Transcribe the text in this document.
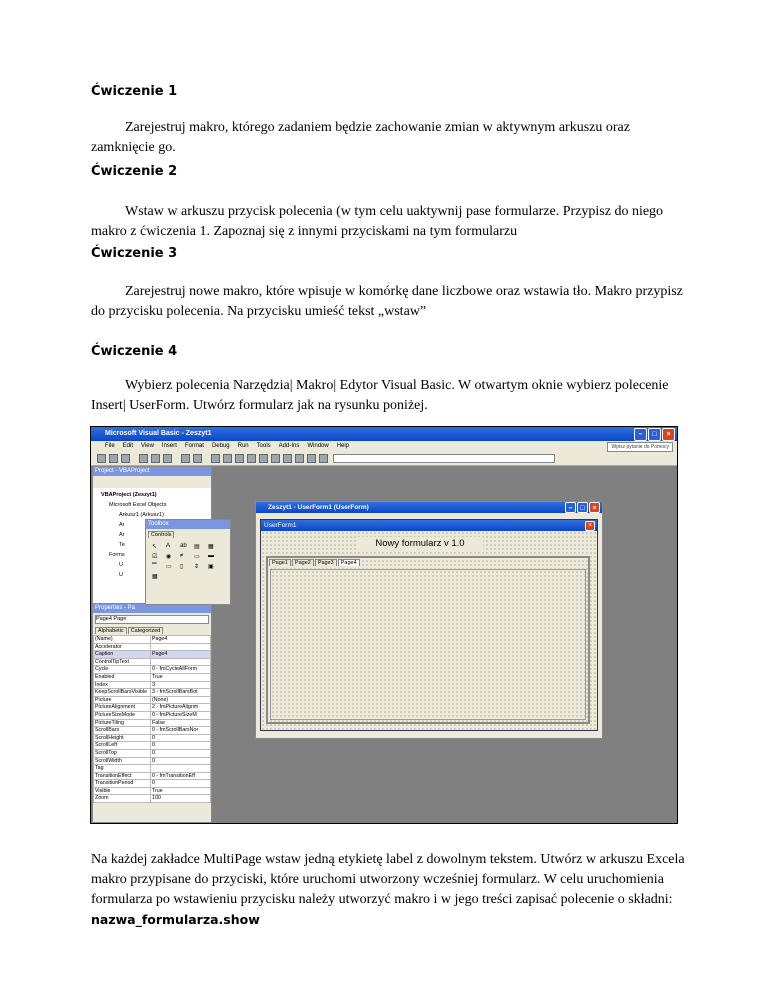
Ćwiczenie 1
Zarejestruj makro, którego zadaniem będzie zachowanie zmian w aktywnym arkuszu oraz zamknięcie go.
Ćwiczenie 2
Wstaw w arkuszu przycisk polecenia (w tym celu uaktywnij pase formularze. Przypisz do niego makro z ćwiczenia 1. Zapoznaj się z innymi przyciskami na tym formularzu
Ćwiczenie 3
Zarejestruj nowe makro, które wpisuje w komórkę dane liczbowe oraz wstawia tło. Makro przypisz do przycisku polecenia. Na przycisku umieść tekst „wstaw”
Ćwiczenie 4
Wybierz polecenia Narzędzia| Makro| Edytor Visual Basic. W otwartym oknie wybierz polecenie Insert| UserForm. Utwórz formularz jak na rysunku poniżej.
Microsoft Visual Basic - Zeszyt1	–	□	×
File Edit View Insert Format Debug Run Tools Add-Ins Window Help	Wpisz pytanie do Pomocy
Project - VBAProject
VBAProject (Zeszyt1)
Microsoft Excel Objects
Arkusz1 (Arkusz1)
Ar
Ar
Te
Forms
U
U
Toolbox
Controls
↖	A	ab	▤	▦
☑	◉	≠	▭	▬
▔	▭	▯	⇕	▣
▦
Properties - Pa
Page4 Page
Alphabetic Categorized
(Name)	Page4
Accelerator	
Caption	Page4
ControlTipText	
Cycle	0 - fmCycleAllForm
Enabled	True
Index	3
KeepScrollBarsVisible	3 - fmScrollBarsBot
Picture	(None)
PictureAlignment	2 - fmPictureAlignm
PictureSizeMode	0 - fmPictureSizeM
PictureTiling	False
ScrollBars	0 - fmScrollBarsNor
ScrollHeight	0
ScrollLeft	0
ScrollTop	0
ScrollWidth	0
Tag	
TransitionEffect	0 - fmTransitionEff
TransitionPeriod	0
Visible	True
Zoom	100
Zeszyt1 - UserForm1 (UserForm)	–	□	×
UserForm1	×
Nowy formularz v 1.0
Page1 Page2 Page3 Page4
Na każdej zakładce MultiPage wstaw jedną etykietę label z dowolnym tekstem. Utwórz w arkuszu Excela makro przypisane do przyciski, które uruchomi utworzony wcześniej formularz. W celu uruchomienia formularza po wstawieniu przycisku należy utworzyć makro i w jego treści zapisać polecenie o składni: nazwa_formularza.show
